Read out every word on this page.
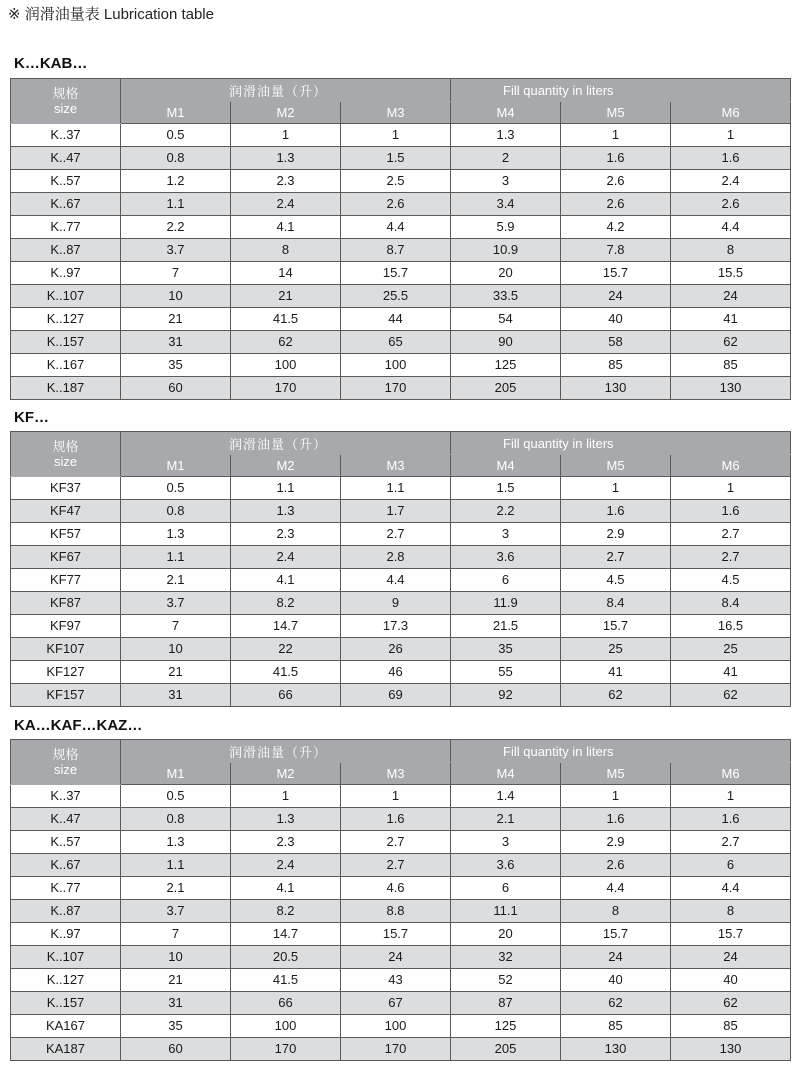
※ 润滑油量表 Lubrication table
K…KAB…
规格
size	润滑油量（升）			Fill quantity in liters		
	M1	M2	M3	M4	M5	M6
K..37	0.5	1	1	1.3	1	1
K..47	0.8	1.3	1.5	2	1.6	1.6
K..57	1.2	2.3	2.5	3	2.6	2.4
K..67	1.1	2.4	2.6	3.4	2.6	2.6
K..77	2.2	4.1	4.4	5.9	4.2	4.4
K..87	3.7	8	8.7	10.9	7.8	8
K..97	7	14	15.7	20	15.7	15.5
K..107	10	21	25.5	33.5	24	24
K..127	21	41.5	44	54	40	41
K..157	31	62	65	90	58	62
K..167	35	100	100	125	85	85
K..187	60	170	170	205	130	130
KF…
规格
size	润滑油量（升）			Fill quantity in liters		
	M1	M2	M3	M4	M5	M6
KF37	0.5	1.1	1.1	1.5	1	1
KF47	0.8	1.3	1.7	2.2	1.6	1.6
KF57	1.3	2.3	2.7	3	2.9	2.7
KF67	1.1	2.4	2.8	3.6	2.7	2.7
KF77	2.1	4.1	4.4	6	4.5	4.5
KF87	3.7	8.2	9	11.9	8.4	8.4
KF97	7	14.7	17.3	21.5	15.7	16.5
KF107	10	22	26	35	25	25
KF127	21	41.5	46	55	41	41
KF157	31	66	69	92	62	62
KA…KAF…KAZ…
规格
size	润滑油量（升）			Fill quantity in liters		
	M1	M2	M3	M4	M5	M6
K..37	0.5	1	1	1.4	1	1
K..47	0.8	1.3	1.6	2.1	1.6	1.6
K..57	1.3	2.3	2.7	3	2.9	2.7
K..67	1.1	2.4	2.7	3.6	2.6	6
K..77	2.1	4.1	4.6	6	4.4	4.4
K..87	3.7	8.2	8.8	11.1	8	8
K..97	7	14.7	15.7	20	15.7	15.7
K..107	10	20.5	24	32	24	24
K..127	21	41.5	43	52	40	40
K..157	31	66	67	87	62	62
KA167	35	100	100	125	85	85
KA187	60	170	170	205	130	130
